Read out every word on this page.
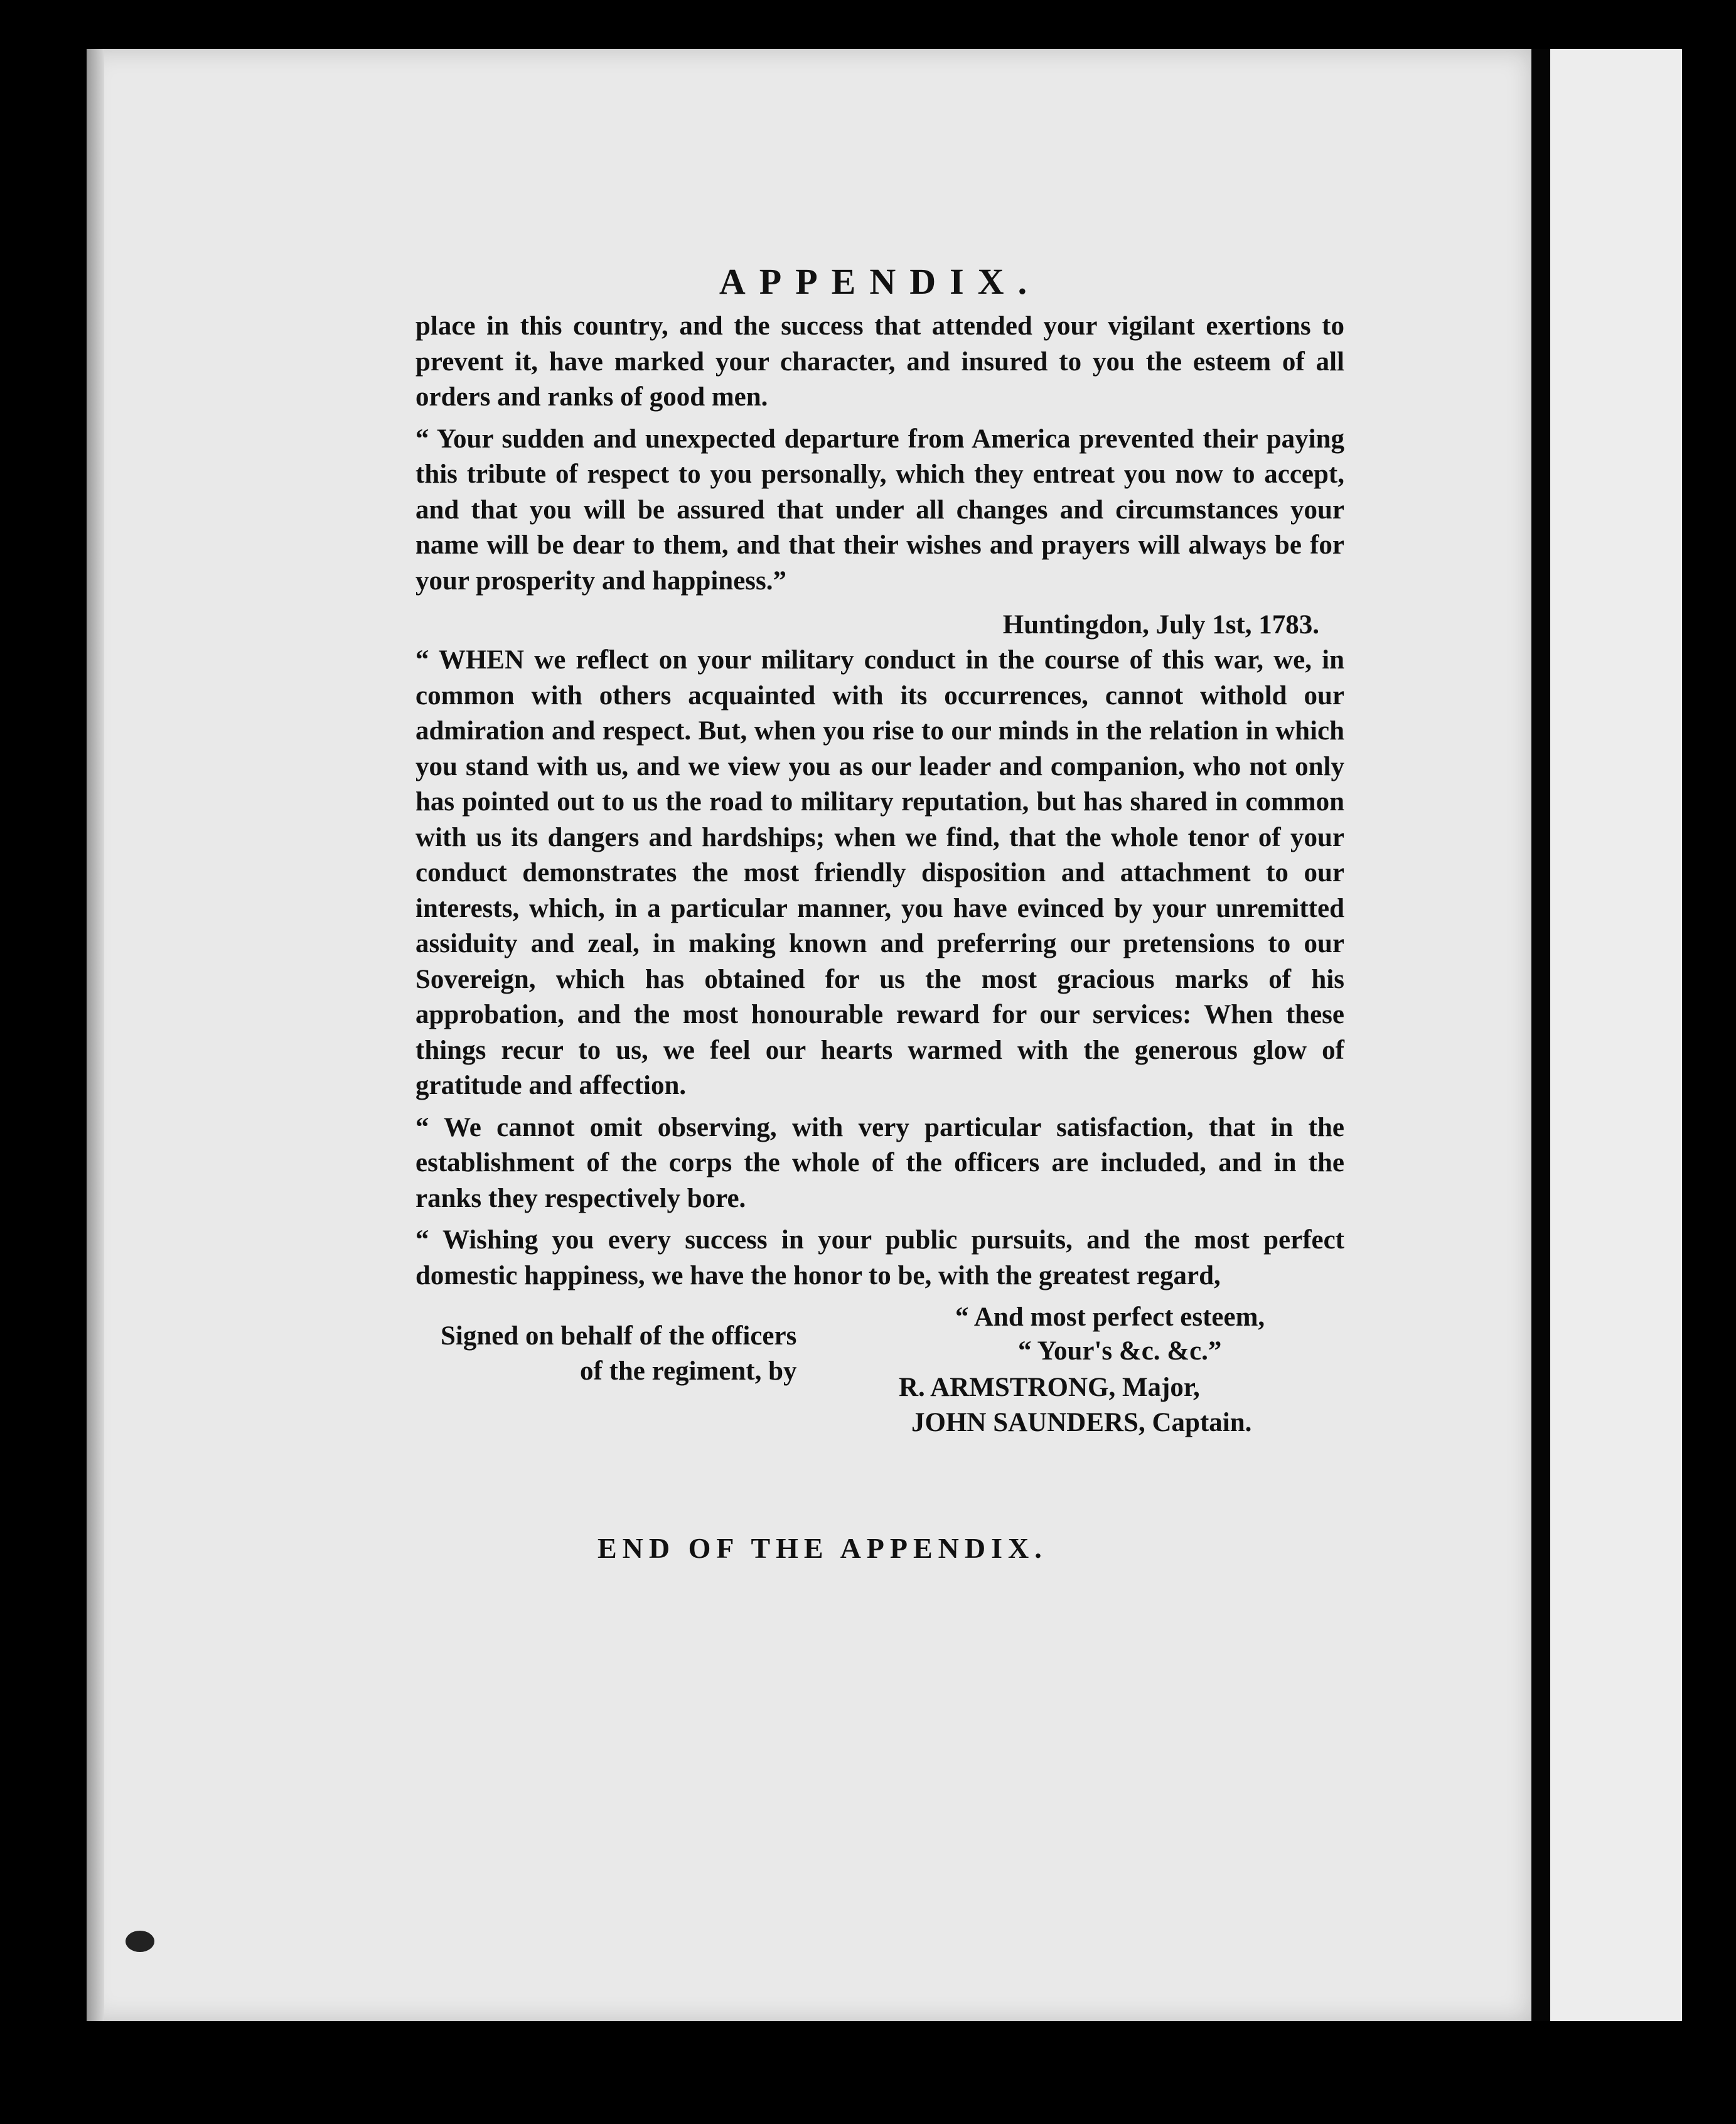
APPENDIX.

place in this country, and the success that attended your vigilant exertions to prevent it, have marked your character, and insured to you the esteem of all orders and ranks of good men.

“ Your sudden and unexpected departure from America prevented their paying this tribute of respect to you personally, which they entreat you now to accept, and that you will be assured that under all changes and circumstances your name will be dear to them, and that their wishes and prayers will always be for your prosperity and happiness.”

Huntingdon, July 1st, 1783.

“ WHEN we reflect on your military conduct in the course of this war, we, in common with others acquainted with its occurrences, cannot withold our admiration and respect. But, when you rise to our minds in the relation in which you stand with us, and we view you as our leader and companion, who not only has pointed out to us the road to military reputation, but has shared in common with us its dangers and hardships; when we find, that the whole tenor of your conduct demonstrates the most friendly disposition and attachment to our interests, which, in a particular manner, you have evinced by your unremitted assiduity and zeal, in making known and preferring our pretensions to our Sovereign, which has obtained for us the most gracious marks of his approbation, and the most honourable reward for our services: When these things recur to us, we feel our hearts warmed with the generous glow of gratitude and affection.

“ We cannot omit observing, with very particular satisfaction, that in the establishment of the corps the whole of the officers are included, and in the ranks they respectively bore.

“ Wishing you every success in your public pursuits, and the most perfect domestic happiness, we have the honor to be, with the greatest regard,

“ And most perfect esteem,
“ Your's &c. &c.”
Signed on behalf of the officers
of the regiment, by
R. ARMSTRONG, Major,
JOHN SAUNDERS, Captain.
END OF THE APPENDIX.
